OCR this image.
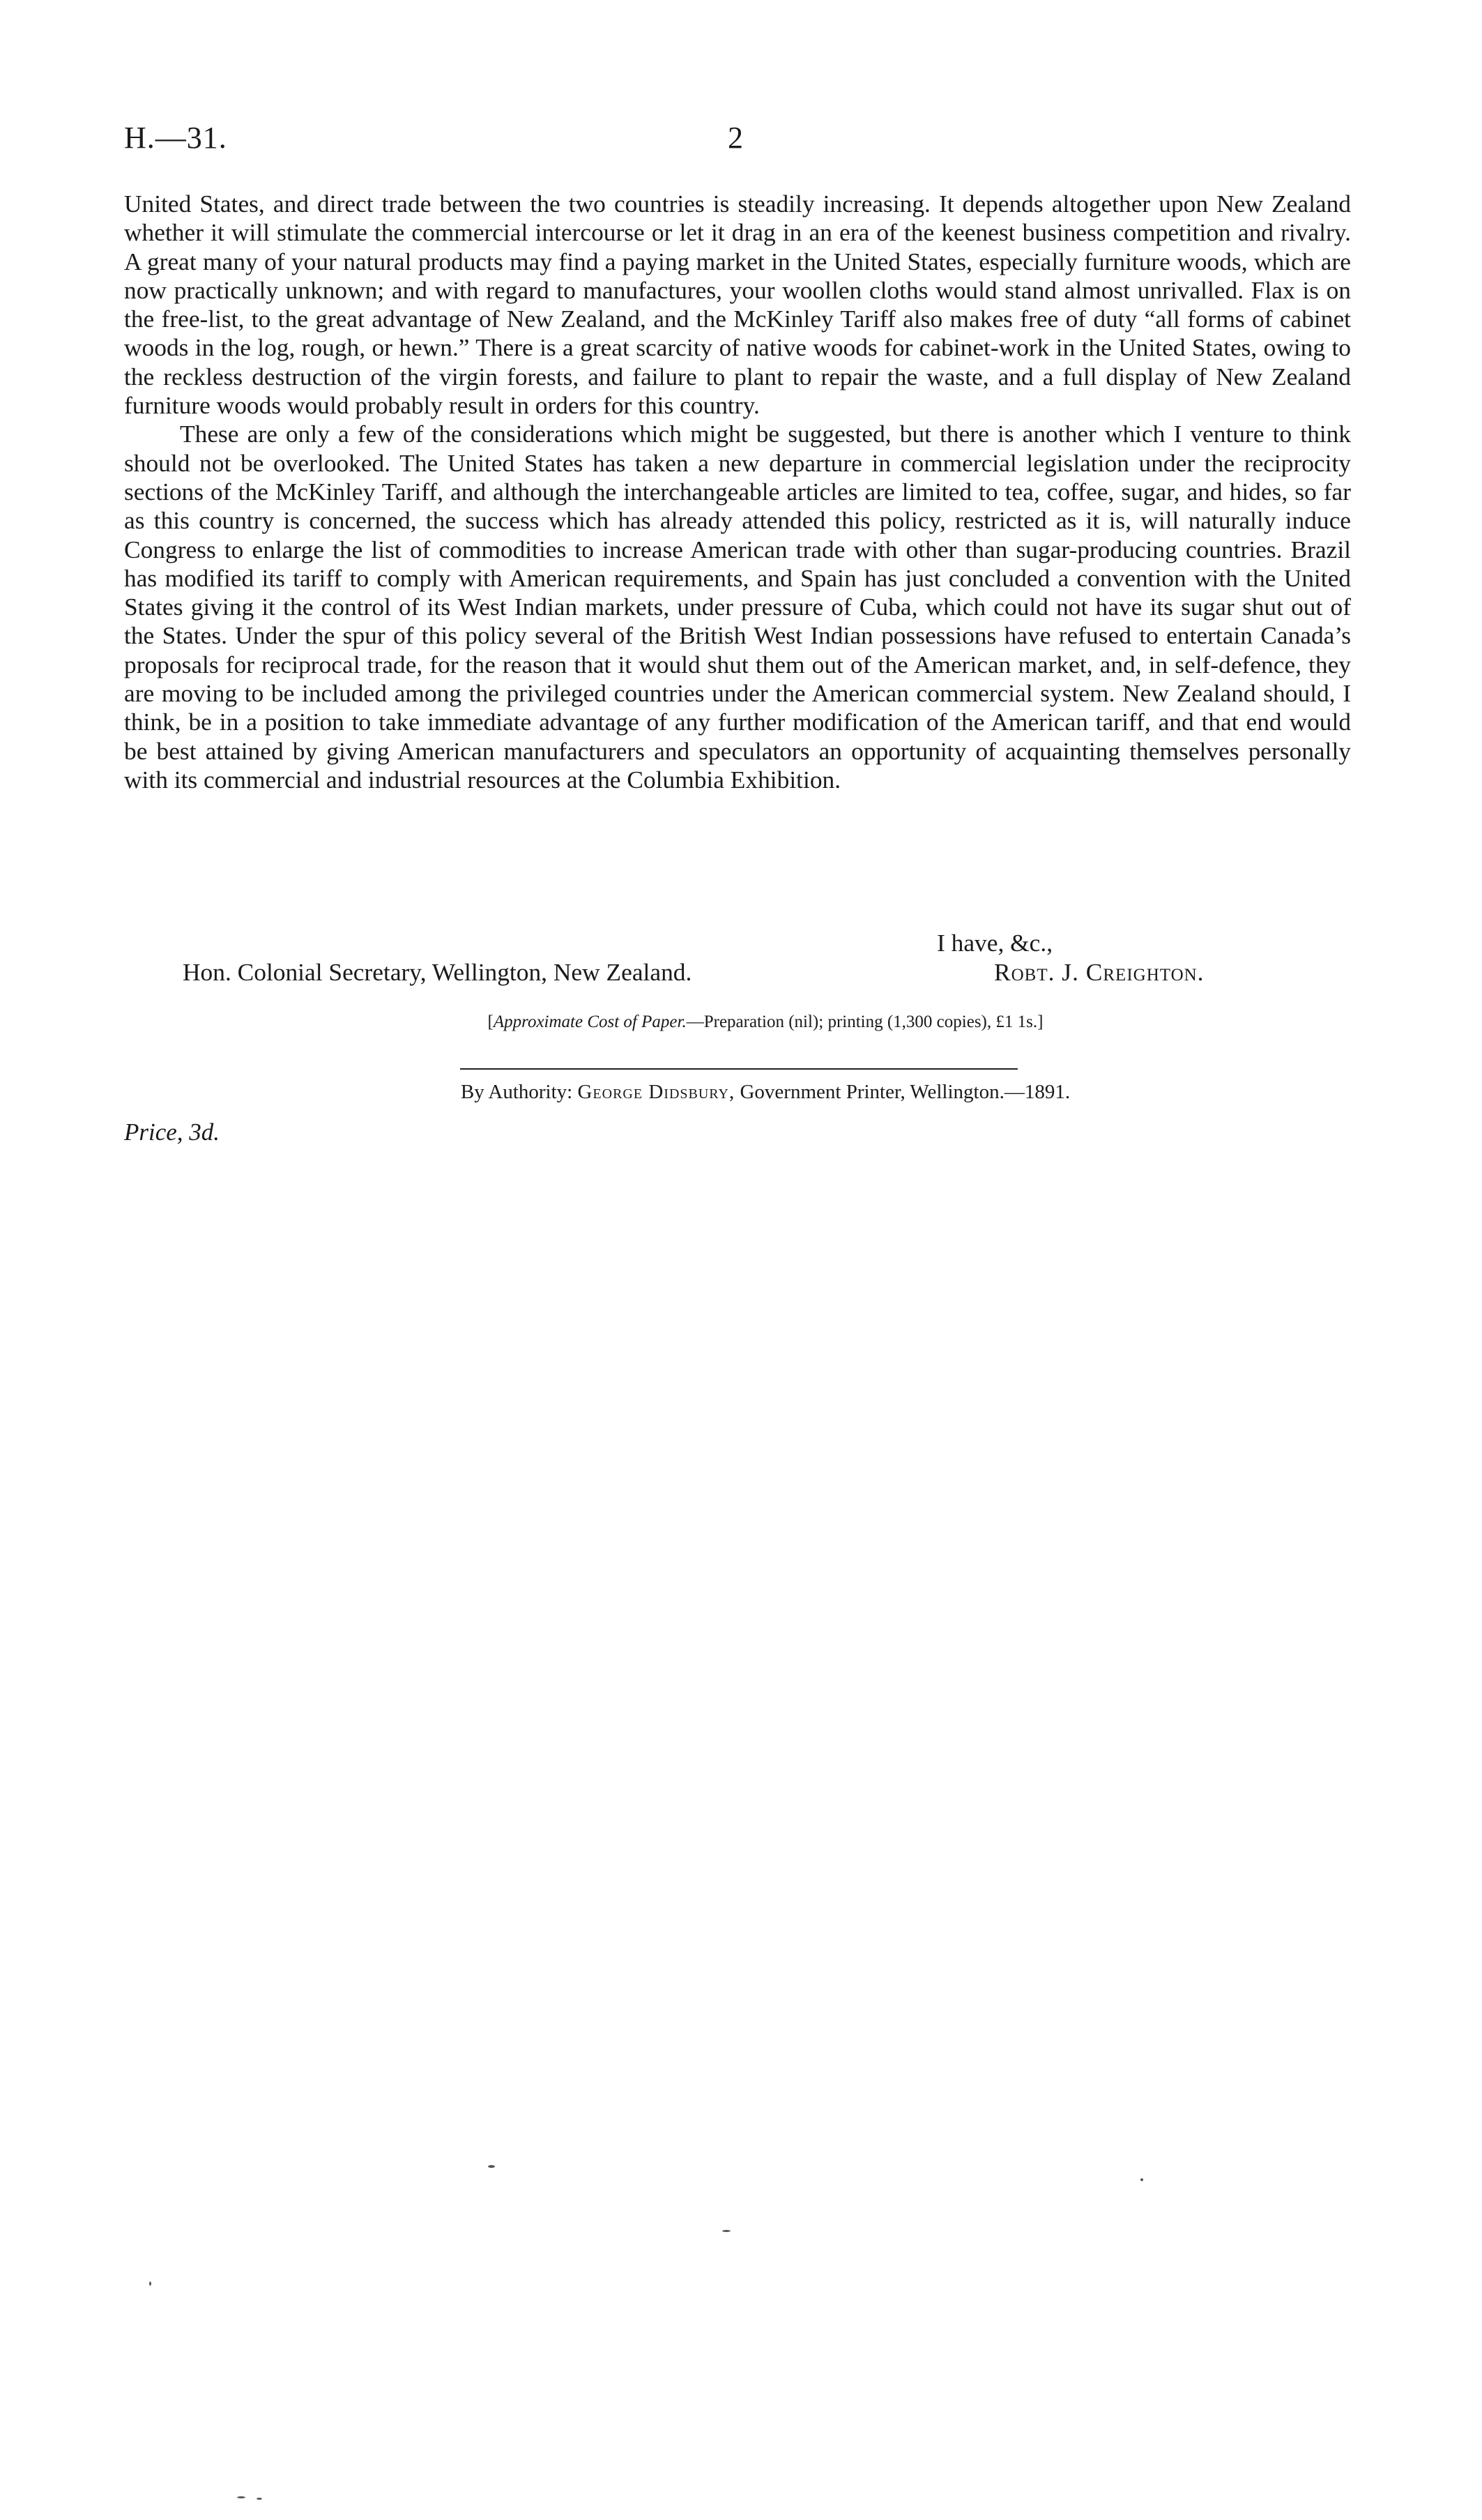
H.—31.	2

United States, and direct trade between the two countries is steadily increasing. It depends altogether upon New Zealand whether it will stimulate the commercial intercourse or let it drag in an era of the keenest business competition and rivalry. A great many of your natural products may find a paying market in the United States, especially furniture woods, which are now practically unknown; and with regard to manufactures, your woollen cloths would stand almost unrivalled. Flax is on the free-list, to the great advantage of New Zealand, and the McKinley Tariff also makes free of duty “all forms of cabinet woods in the log, rough, or hewn.” There is a great scarcity of native woods for cabinet-work in the United States, owing to the reckless destruction of the virgin forests, and failure to plant to repair the waste, and a full display of New Zealand furniture woods would probably result in orders for this country.

These are only a few of the considerations which might be suggested, but there is another which I venture to think should not be overlooked. The United States has taken a new departure in commercial legislation under the reciprocity sections of the McKinley Tariff, and although the interchangeable articles are limited to tea, coffee, sugar, and hides, so far as this country is concerned, the success which has already attended this policy, restricted as it is, will naturally induce Congress to enlarge the list of commodities to increase American trade with other than sugar-producing countries. Brazil has modified its tariff to comply with American requirements, and Spain has just concluded a convention with the United States giving it the control of its West Indian markets, under pressure of Cuba, which could not have its sugar shut out of the States. Under the spur of this policy several of the British West Indian possessions have refused to entertain Canada’s proposals for reciprocal trade, for the reason that it would shut them out of the American market, and, in self-defence, they are moving to be included among the privileged countries under the American commercial system. New Zealand should, I think, be in a position to take immediate advantage of any further modification of the American tariff, and that end would be best attained by giving American manufacturers and speculators an opportunity of acquainting themselves personally with its commercial and industrial resources at the Columbia Exhibition.

I have, &c.,
Hon. Colonial Secretary, Wellington, New Zealand.	Robt. J. Creighton.
[Approximate Cost of Paper.—Preparation (nil); printing (1,300 copies), £1 1s.]
By Authority: George Didsbury, Government Printer, Wellington.—1891.
Price, 3d.
